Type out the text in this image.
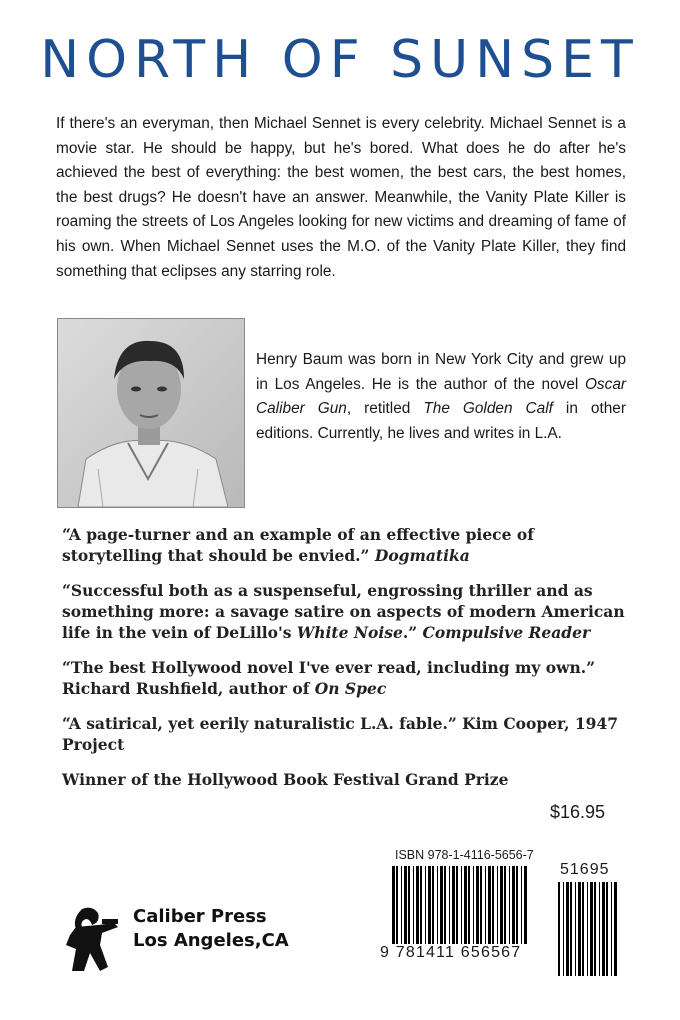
NORTH OF SUNSET

If there's an everyman, then Michael Sennet is every celebrity. Michael Sennet is a movie star. He should be happy, but he's bored. What does he do after he's achieved the best of everything: the best women, the best cars, the best homes, the best drugs? He doesn't have an answer. Meanwhile, the Vanity Plate Killer is roaming the streets of Los Angeles looking for new victims and dreaming of fame of his own. When Michael Sennet uses the M.O. of the Vanity Plate Killer, they find something that eclipses any starring role.

Henry Baum was born in New York City and grew up in Los Angeles. He is the author of the novel Oscar Caliber Gun, retitled The Golden Calf in other editions. Currently, he lives and writes in L.A.

“A page-turner and an example of an effective piece of storytelling that should be envied.” Dogmatika

“Successful both as a suspenseful, engrossing thriller and as something more: a savage satire on aspects of modern American life in the vein of DeLillo's White Noise.” Compulsive Reader

“The best Hollywood novel I've ever read, including my own.” Richard Rushfield, author of On Spec

“A satirical, yet eerily naturalistic L.A. fable.” Kim Cooper, 1947 Project

Winner of the Hollywood Book Festival Grand Prize

$16.95

ISBN 978-1-4116-5656-7

51695

9 781411 656567

Caliber Press
Los Angeles,CA
